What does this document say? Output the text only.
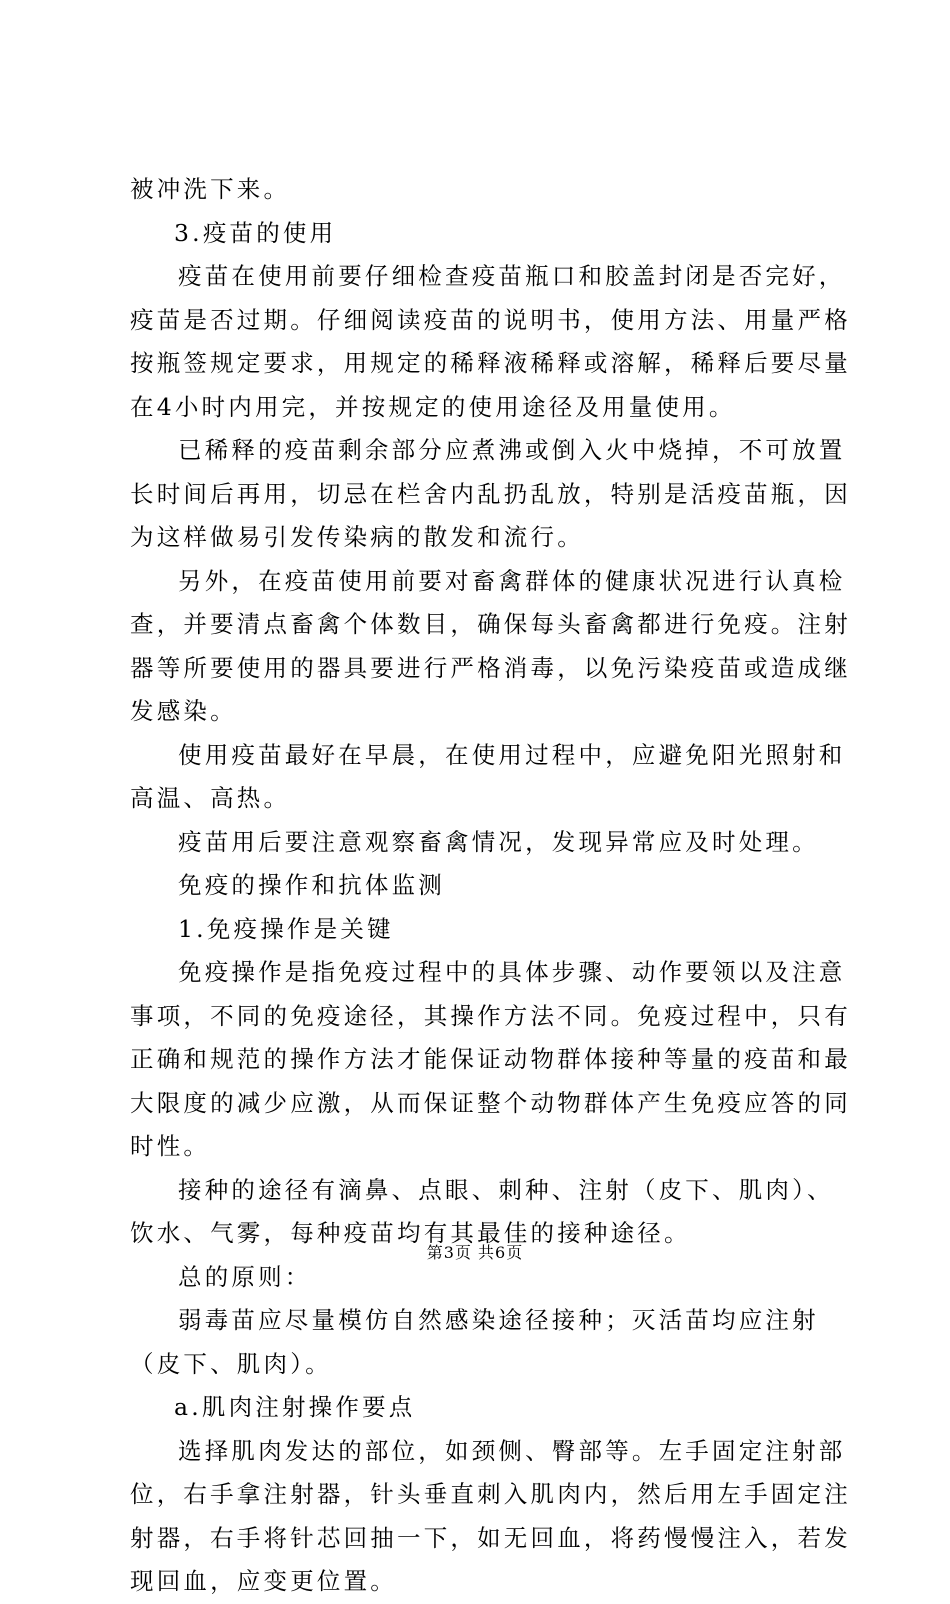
被冲洗下来。
3.疫苗的使用
疫苗在使用前要仔细检查疫苗瓶口和胶盖封闭是否完好，
疫苗是否过期。仔细阅读疫苗的说明书，使用方法、用量严格
按瓶签规定要求，用规定的稀释液稀释或溶解，稀释后要尽量
在4小时内用完，并按规定的使用途径及用量使用。
已稀释的疫苗剩余部分应煮沸或倒入火中烧掉，不可放置
长时间后再用，切忌在栏舍内乱扔乱放，特别是活疫苗瓶，因
为这样做易引发传染病的散发和流行。
另外，在疫苗使用前要对畜禽群体的健康状况进行认真检
查，并要清点畜禽个体数目，确保每头畜禽都进行免疫。注射
器等所要使用的器具要进行严格消毒，以免污染疫苗或造成继
发感染。
使用疫苗最好在早晨，在使用过程中，应避免阳光照射和
高温、高热。
疫苗用后要注意观察畜禽情况，发现异常应及时处理。
免疫的操作和抗体监测
1.免疫操作是关键
免疫操作是指免疫过程中的具体步骤、动作要领以及注意
事项，不同的免疫途径，其操作方法不同。免疫过程中，只有
正确和规范的操作方法才能保证动物群体接种等量的疫苗和最
大限度的减少应激，从而保证整个动物群体产生免疫应答的同
时性。
接种的途径有滴鼻、点眼、刺种、注射（皮下、肌肉）、
饮水、气雾，每种疫苗均有其最佳的接种途径。
总的原则：
弱毒苗应尽量模仿自然感染途径接种；灭活苗均应注射
（皮下、肌肉）。
a.肌肉注射操作要点
选择肌肉发达的部位，如颈侧、臀部等。左手固定注射部
位，右手拿注射器，针头垂直刺入肌肉内，然后用左手固定注
射器，右手将针芯回抽一下，如无回血，将药慢慢注入，若发
现回血，应变更位置。
第3页 共6页
